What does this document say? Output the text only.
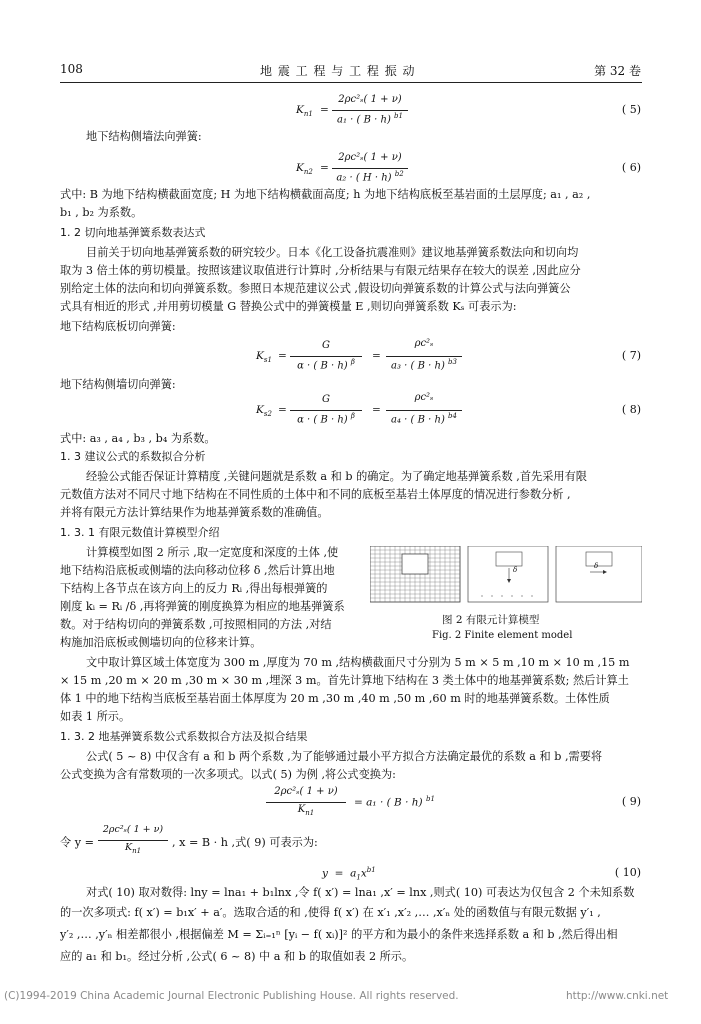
108	地 震 工 程 与 工 程 振 动	第 32 卷
$K_{n1}$ =
2ρc²ₛ( 1 + ν)
a₁ · ( B · h) $^{b1}$	( 5)
地下结构侧墙法向弹簧:
$K_{n2}$ =
2ρc²ₛ( 1 + ν)
a₂ · ( H · h) $^{b2}$	( 6)
式中: B 为地下结构横截面宽度; H 为地下结构横截面高度; h 为地下结构底板至基岩面的土层厚度; a₁ , a₂ ,
b₁ , b₂ 为系数。
1. 2 切向地基弹簧系数表达式
目前关于切向地基弹簧系数的研究较少。日本《化工设备抗震准则》建议地基弹簧系数法向和切向均
取为 3 倍土体的剪切模量。按照该建议取值进行计算时 ,分析结果与有限元结果存在较大的误差 ,因此应分
别给定土体的法向和切向弹簧系数。参照日本规范建议公式 ,假设切向弹簧系数的计算公式与法向弹簧公
式具有相近的形式 ,并用剪切模量 G 替换公式中的弹簧模量 E ,则切向弹簧系数 Kₛ 可表示为:
地下结构底板切向弹簧:
$K_{s1}$ =
G
α · ( B · h) $^\beta$	=
ρc²ₛ
a₃ · ( B · h) $^{b3}$	( 7)
地下结构侧墙切向弹簧:
$K_{s2}$ =
G
α · ( B · h) $^\beta$	=
ρc²ₛ
a₄ · ( B · h) $^{b4}$	( 8)
式中: a₃ , a₄ , b₃ , b₄ 为系数。
1. 3 建议公式的系数拟合分析
经验公式能否保证计算精度 ,关键问题就是系数 a 和 b 的确定。为了确定地基弹簧系数 ,首先采用有限
元数值方法对不同尺寸地下结构在不同性质的土体中和不同的底板至基岩土体厚度的情况进行参数分析 ,
并将有限元方法计算结果作为地基弹簧系数的准确值。
1. 3. 1 有限元数值计算模型介绍
计算模型如图 2 所示 ,取一定宽度和深度的土体 ,使
地下结构沿底板或侧墙的法向移动位移 δ ,然后计算出地
下结构上各节点在该方向上的反力 Rᵢ ,得出每根弹簧的
刚度 kᵢ = Rᵢ /δ ,再将弹簧的刚度换算为相应的地基弹簧系
数。对于结构切向的弹簧系数 ,可按照相同的方法 ,对结
构施加沿底板或侧墙切向的位移来计算。
δ	δ
图 2 有限元计算模型
Fig. 2 Finite element model
文中取计算区域土体宽度为 300 m ,厚度为 70 m ,结构横截面尺寸分别为 5 m × 5 m ,10 m × 10 m ,15 m
× 15 m ,20 m × 20 m ,30 m × 30 m ,埋深 3 m。首先计算地下结构在 3 类土体中的地基弹簧系数; 然后计算土
体 1 中的地下结构当底板至基岩面土体厚度为 20 m ,30 m ,40 m ,50 m ,60 m 时的地基弹簧系数。土体性质
如表 1 所示。
1. 3. 2 地基弹簧系数公式系数拟合方法及拟合结果
公式( 5 ~ 8) 中仅含有 a 和 b 两个系数 ,为了能够通过最小平方拟合方法确定最优的系数 a 和 b ,需要将
公式变换为含有常数项的一次多项式。以式( 5) 为例 ,将公式变换为:
2ρc²ₛ( 1 + ν)
$K_{n1}$
= a₁ · ( B · h) $^{b1}$	( 9)
令 y =
2ρc²ₛ( 1 + ν)
$K_{n1}$
, x = B · h ,式( 9) 可表示为:
$y = a_1x^{b1}$	( 10)
对式( 10) 取对数得: lny = lna₁ + b₁lnx ,令 f( x′) = lna₁ ,x′ = lnx ,则式( 10) 可表达为仅包含 2 个未知系数
的一次多项式: f( x′) = b₁x′ + a′。选取合适的和 ,使得 f( x′) 在 x′₁ ,x′₂ ,… ,x′ₙ 处的函数值与有限元数据 y′₁ ,
y′₂ ,… ,y′ₙ 相差都很小 ,根据偏差 M = Σᵢ₌₁ⁿ [yᵢ − f( xᵢ)]² 的平方和为最小的条件来选择系数 a 和 b ,然后得出相
应的 a₁ 和 b₁。经过分析 ,公式( 6 ~ 8) 中 a 和 b 的取值如表 2 所示。
(C)1994-2019 China Academic Journal Electronic Publishing House. All rights reserved.	http://www.cnki.net
